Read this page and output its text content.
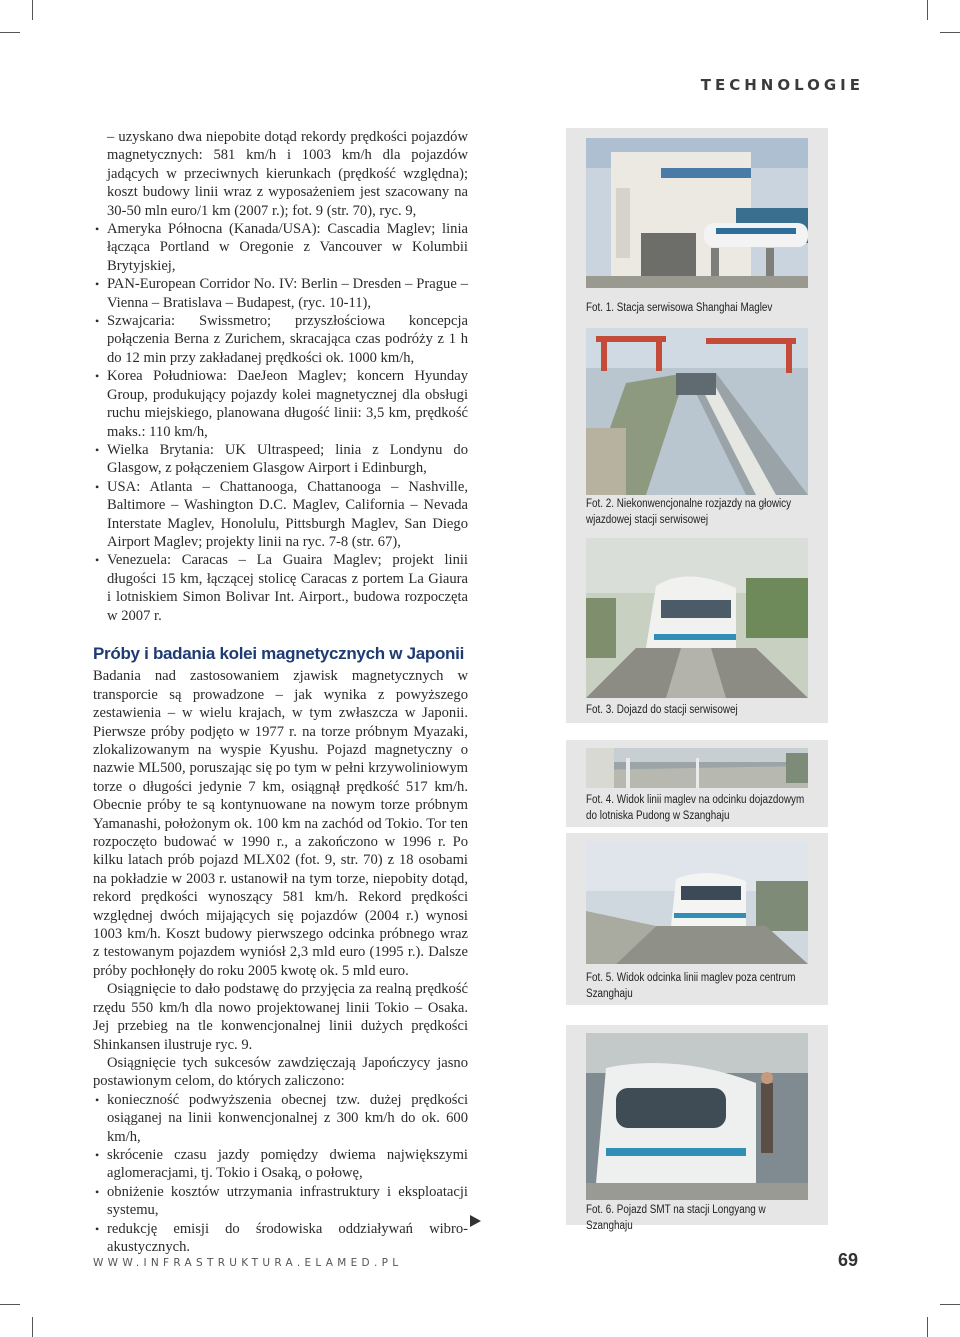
TECHNOLOGIE

– uzyskano dwa niepobite dotąd rekordy prędkości pojazdów magnetycznych: 581 km/h i 1003 km/h dla pojazdów jadących w przeciwnych kierunkach (prędkość względna); koszt budowy linii wraz z wyposażeniem jest szacowany na 30-50 mln euro/1 km (2007 r.); fot. 9 (str. 70), ryc. 9,

• Ameryka Północna (Kanada/USA): Cascadia Maglev; linia łącząca Portland w Oregonie z Vancouver w Kolumbii Brytyjskiej,
• PAN-European Corridor No. IV: Berlin – Dresden – Prague – Vienna – Bratislava – Budapest, (ryc. 10-11),
• Szwajcaria: Swissmetro; przyszłościowa koncepcja połączenia Berna z Zurichem, skracająca czas podróży z 1 h do 12 min przy zakładanej prędkości ok. 1000 km/h,
• Korea Południowa: DaeJeon Maglev; koncern Hyunday Group, produkujący pojazdy kolei magnetycznej dla obsługi ruchu miejskiego, planowana długość linii: 3,5 km, prędkość maks.: 110 km/h,
• Wielka Brytania: UK Ultraspeed; linia z Londynu do Glasgow, z połączeniem Glasgow Airport i Edinburgh,
• USA: Atlanta – Chattanooga, Chattanooga – Nashville, Baltimore – Washington D.C. Maglev, California – Nevada Interstate Maglev, Honolulu, Pittsburgh Maglev, San Diego Airport Maglev; projekty linii na ryc. 7-8 (str. 67),
• Venezuela: Caracas – La Guaira Maglev; projekt linii długości 15 km, łączącej stolicę Caracas z portem La Giaura i lotniskiem Simon Bolivar Int. Airport., budowa rozpoczęta w 2007 r.
Próby i badania kolei magnetycznych w Japonii

Badania nad zastosowaniem zjawisk magnetycznych w transporcie są prowadzone – jak wynika z powyższego zestawienia – w wielu krajach, w tym zwłaszcza w Japonii. Pierwsze próby podjęto w 1977 r. na torze próbnym Myazaki, zlokalizowanym na wyspie Kyushu. Pojazd magnetyczny o nazwie ML500, poruszając się po tym w pełni krzywoliniowym torze o długości jedynie 7 km, osiągnął prędkość 517 km/h. Obecnie próby te są kontynuowane na nowym torze próbnym Yamanashi, położonym ok. 100 km na zachód od Tokio. Tor ten rozpoczęto budować w 1990 r., a zakończono w 1996 r. Po kilku latach prób pojazd MLX02 (fot. 9, str. 70) z 18 osobami na pokładzie w 2003 r. ustanowił na tym torze, niepobity dotąd, rekord prędkości wynoszący 581 km/h. Rekord prędkości względnej dwóch mijających się pojazdów (2004 r.) wynosi 1003 km/h. Koszt budowy pierwszego odcinka próbnego wraz z testowanym pojazdem wyniósł 2,3 mld euro (1995 r.). Dalsze próby pochłonęły do roku 2005 kwotę ok. 5 mld euro.

Osiągnięcie to dało podstawę do przyjęcia za realną prędkość rzędu 550 km/h dla nowo projektowanej linii Tokio – Osaka. Jej przebieg na tle konwencjonalnej linii dużych prędkości Shinkansen ilustruje ryc. 9.

Osiągnięcie tych sukcesów zawdzięczają Japończycy jasno postawionym celom, do których zaliczono:

• konieczność podwyższenia obecnej tzw. dużej prędkości osiąganej na linii konwencjonalnej z 300 km/h do ok. 600 km/h,
• skrócenie czasu jazdy pomiędzy dwiema największymi aglomeracjami, tj. Tokio i Osaką, o połowę,
• obniżenie kosztów utrzymania infrastruktury i eksploatacji systemu,
• redukcję emisji do środowiska oddziaływań wibro-akustycznych.
Fot. 1. Stacja serwisowa Shanghai Maglev
Fot. 2. Niekonwencjonalne rozjazdy na głowicy wjazdowej stacji serwisowej
Fot. 3. Dojazd do stacji serwisowej
Fot. 4. Widok linii maglev na odcinku dojazdowym do lotniska Pudong w Szanghaju
Fot. 5. Widok odcinka linii maglev poza centrum Szanghaju
Fot. 6. Pojazd SMT na stacji Longyang w Szanghaju
WWW.INFRASTRUKTURA.ELAMED.PL	69
